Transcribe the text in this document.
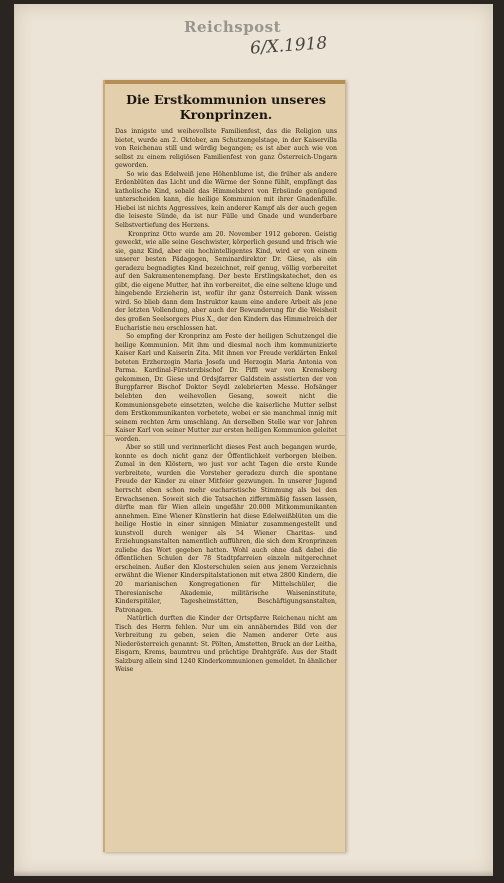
Reichspost
6/X.1918
Die Erstkommunion unseres
Kronprinzen.
Das innigste und weihevollste Familienfest, das die Religion uns bietet, wurde am 2. Oktober, am Schutzengelstage, in der Kaiservilla von Reichenau still und würdig begangen; es ist aber auch wie von selbst zu einem religiösen Familienfest von ganz Österreich-Ungarn geworden.
So wie das Edelweiß jene Höhenblume ist, die früher als andere Erdenblüten das Licht und die Wärme der Sonne fühlt, empfängt das katholische Kind, sobald das Himmelsbrot von Erbsünde genügend unterscheiden kann, die heilige Kommunion mit ihrer Gnadenfülle. Hiebei ist nichts Aggressives, kein anderer Kampf als der auch gegen die leiseste Sünde, da ist nur Fülle und Gnade und wunderbare Selbstvertiefung des Herzens.
Kronprinz Otto wurde am 20. November 1912 geboren. Geistig geweckt, wie alle seine Geschwister, körperlich gesund und frisch wie sie, ganz Kind, aber ein hochintelligentes Kind, wird er von einem unserer besten Pädagogen, Seminardirektor Dr. Giese, als ein geradezu begnadigtes Kind bezeichnet, reif genug, völlig vorbereitet auf den Sakramentenempfang. Der beste Erstlingskatechet, den es gibt, die eigene Mutter, hat ihn vorbereitet, die eine seltene kluge und hingebende Erzieherin ist, wofür ihr ganz Österreich Dank wissen wird. So blieb dann dem Instruktor kaum eine andere Arbeit als jene der letzten Vollendung, aber auch der Bewunderung für die Weisheit des großen Seelsorgers Pius X., der den Kindern das Himmelreich der Eucharistie neu erschlossen hat.
So empfing der Kronprinz am Feste der heiligen Schutzengel die heilige Kommunion. Mit ihm und diesmal noch ihm kommunizierte Kaiser Karl und Kaiserin Zita. Mit ihnen vor Freude verklärten Enkel beteten Erzherzogin Maria Josefa und Herzogin Maria Antonia von Parma. Kardinal-Fürsterzbischof Dr. Piffl war von Kremsberg gekommen, Dr. Giese und Ordsjfarrer Galdstein assistierten der von Burgpfarrer Bischof Doktor Seydl zelebrierten Messe. Hofsänger belebten den weihevollen Gesang, soweit nicht die Kommunionsgebete einsetzten, welche die kaiserliche Mutter selbst dem Erstkommunikanten vorbetete, wobei er sie manchmal innig mit seinem rechten Arm umschlang. An derselben Stelle war vor Jahren Kaiser Karl von seiner Mutter zur ersten heiligen Kommunion geleitet worden.
Aber so still und verinnerlicht dieses Fest auch begangen wurde, konnte es doch nicht ganz der Öffentlichkeit verborgen bleiben. Zumal in den Klöstern, wo just vor acht Tagen die erste Kunde verbreitete, wurden die Vorsteher geradezu durch die spontane Freude der Kinder zu einer Mitfeier gezwungen. In unserer Jugend herrscht eben schon mehr eucharistische Stimmung als bei den Erwachsenen. Soweit sich die Tatsachen ziffernmäßig fassen lassen, dürfte man für Wien allein ungefähr 20.000 Mitkommunikanten annehmen. Eine Wiener Künstlerin hat diese Edelweißblüten um die heilige Hostie in einer sinnigen Miniatur zusammengestellt und kunstvoll durch weniger als 54 Wiener Charitas- und Erziehungsanstalten namentlich aufführen, die sich dem Kronprinzen zuliebe das Wort gegeben hatten. Wohl auch ohne daß dabei die öffentlichen Schulen der 78 Stadtpfarreien einzeln mitgerechnet erscheinen. Außer den Klosterschulen seien aus jenem Verzeichnis erwähnt die Wiener Kinderspitalstationen mit etwa 2800 Kindern, die 20 marianischen Kongregationen für Mittelschüler, die Theresianische Akademie, militärische Waiseninstitute, Kinderspitäler, Tagesheimstätten, Beschäftigungsanstalten, Patronagen.
Natürlich durften die Kinder der Ortspfarre Reichenau nicht am Tisch des Herrn fehlen. Nur um ein annäherndes Bild von der Verbreitung zu geben, seien die Namen anderer Orte aus Niederösterreich genannt: St. Pölten, Amstetten, Bruck an der Leitha, Eisgarn, Krems, baumtreu und prächtige Drahtgräfe. Aus der Stadt Salzburg allein sind 1240 Kinderkommunionen gemeldet. In ähnlicher Weise
